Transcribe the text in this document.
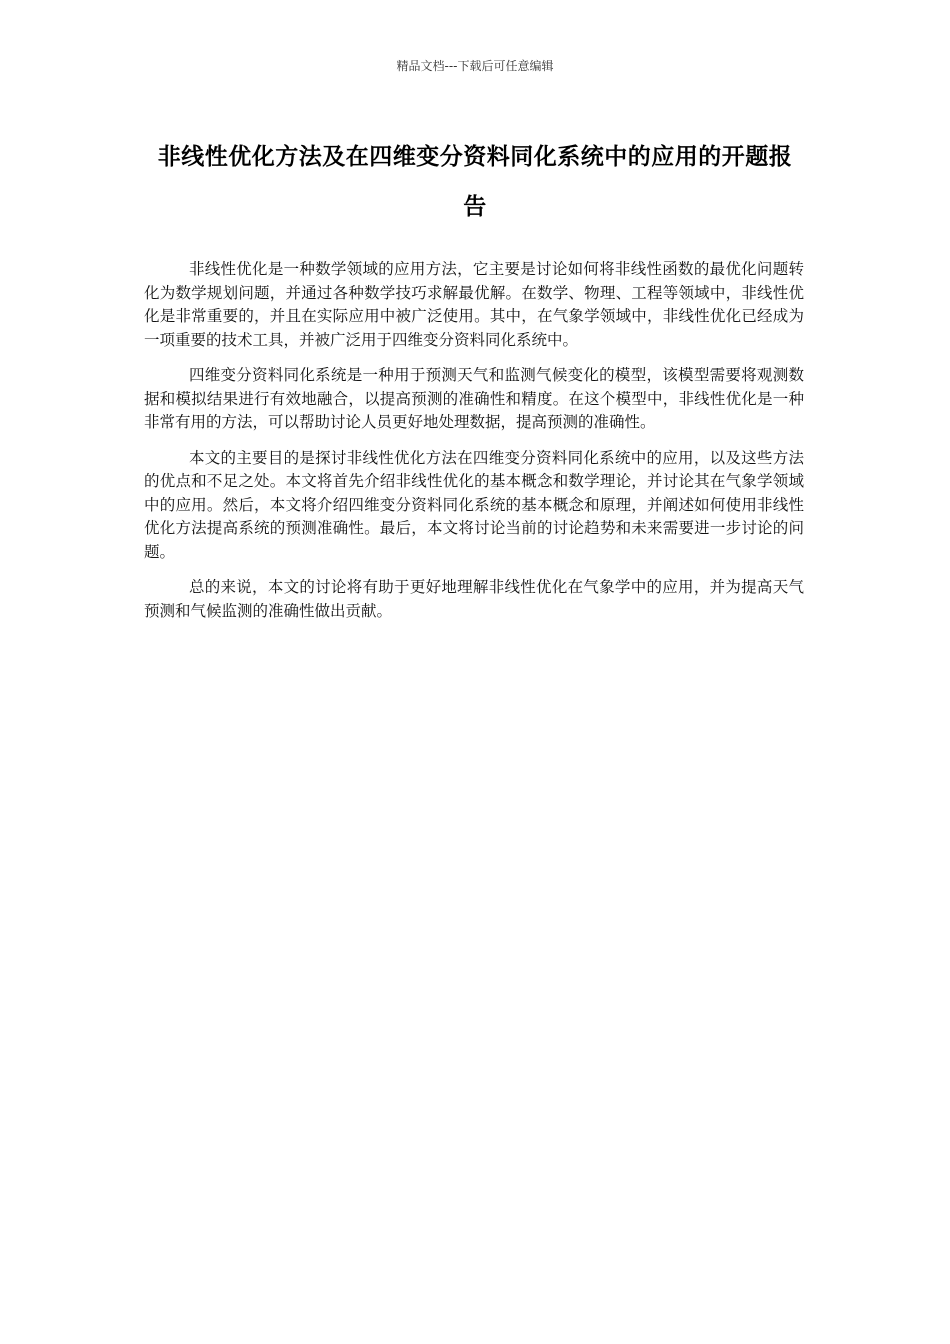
精品文档---下载后可任意编辑
非线性优化方法及在四维变分资料同化系统中的应用的开题报告

非线性优化是一种数学领域的应用方法，它主要是讨论如何将非线性函数的最优化问题转化为数学规划问题，并通过各种数学技巧求解最优解。在数学、物理、工程等领域中，非线性优化是非常重要的，并且在实际应用中被广泛使用。其中，在气象学领域中，非线性优化已经成为一项重要的技术工具，并被广泛用于四维变分资料同化系统中。

四维变分资料同化系统是一种用于预测天气和监测气候变化的模型，该模型需要将观测数据和模拟结果进行有效地融合，以提高预测的准确性和精度。在这个模型中，非线性优化是一种非常有用的方法，可以帮助讨论人员更好地处理数据，提高预测的准确性。

本文的主要目的是探讨非线性优化方法在四维变分资料同化系统中的应用，以及这些方法的优点和不足之处。本文将首先介绍非线性优化的基本概念和数学理论，并讨论其在气象学领域中的应用。然后，本文将介绍四维变分资料同化系统的基本概念和原理，并阐述如何使用非线性优化方法提高系统的预测准确性。最后，本文将讨论当前的讨论趋势和未来需要进一步讨论的问题。

总的来说，本文的讨论将有助于更好地理解非线性优化在气象学中的应用，并为提高天气预测和气候监测的准确性做出贡献。
